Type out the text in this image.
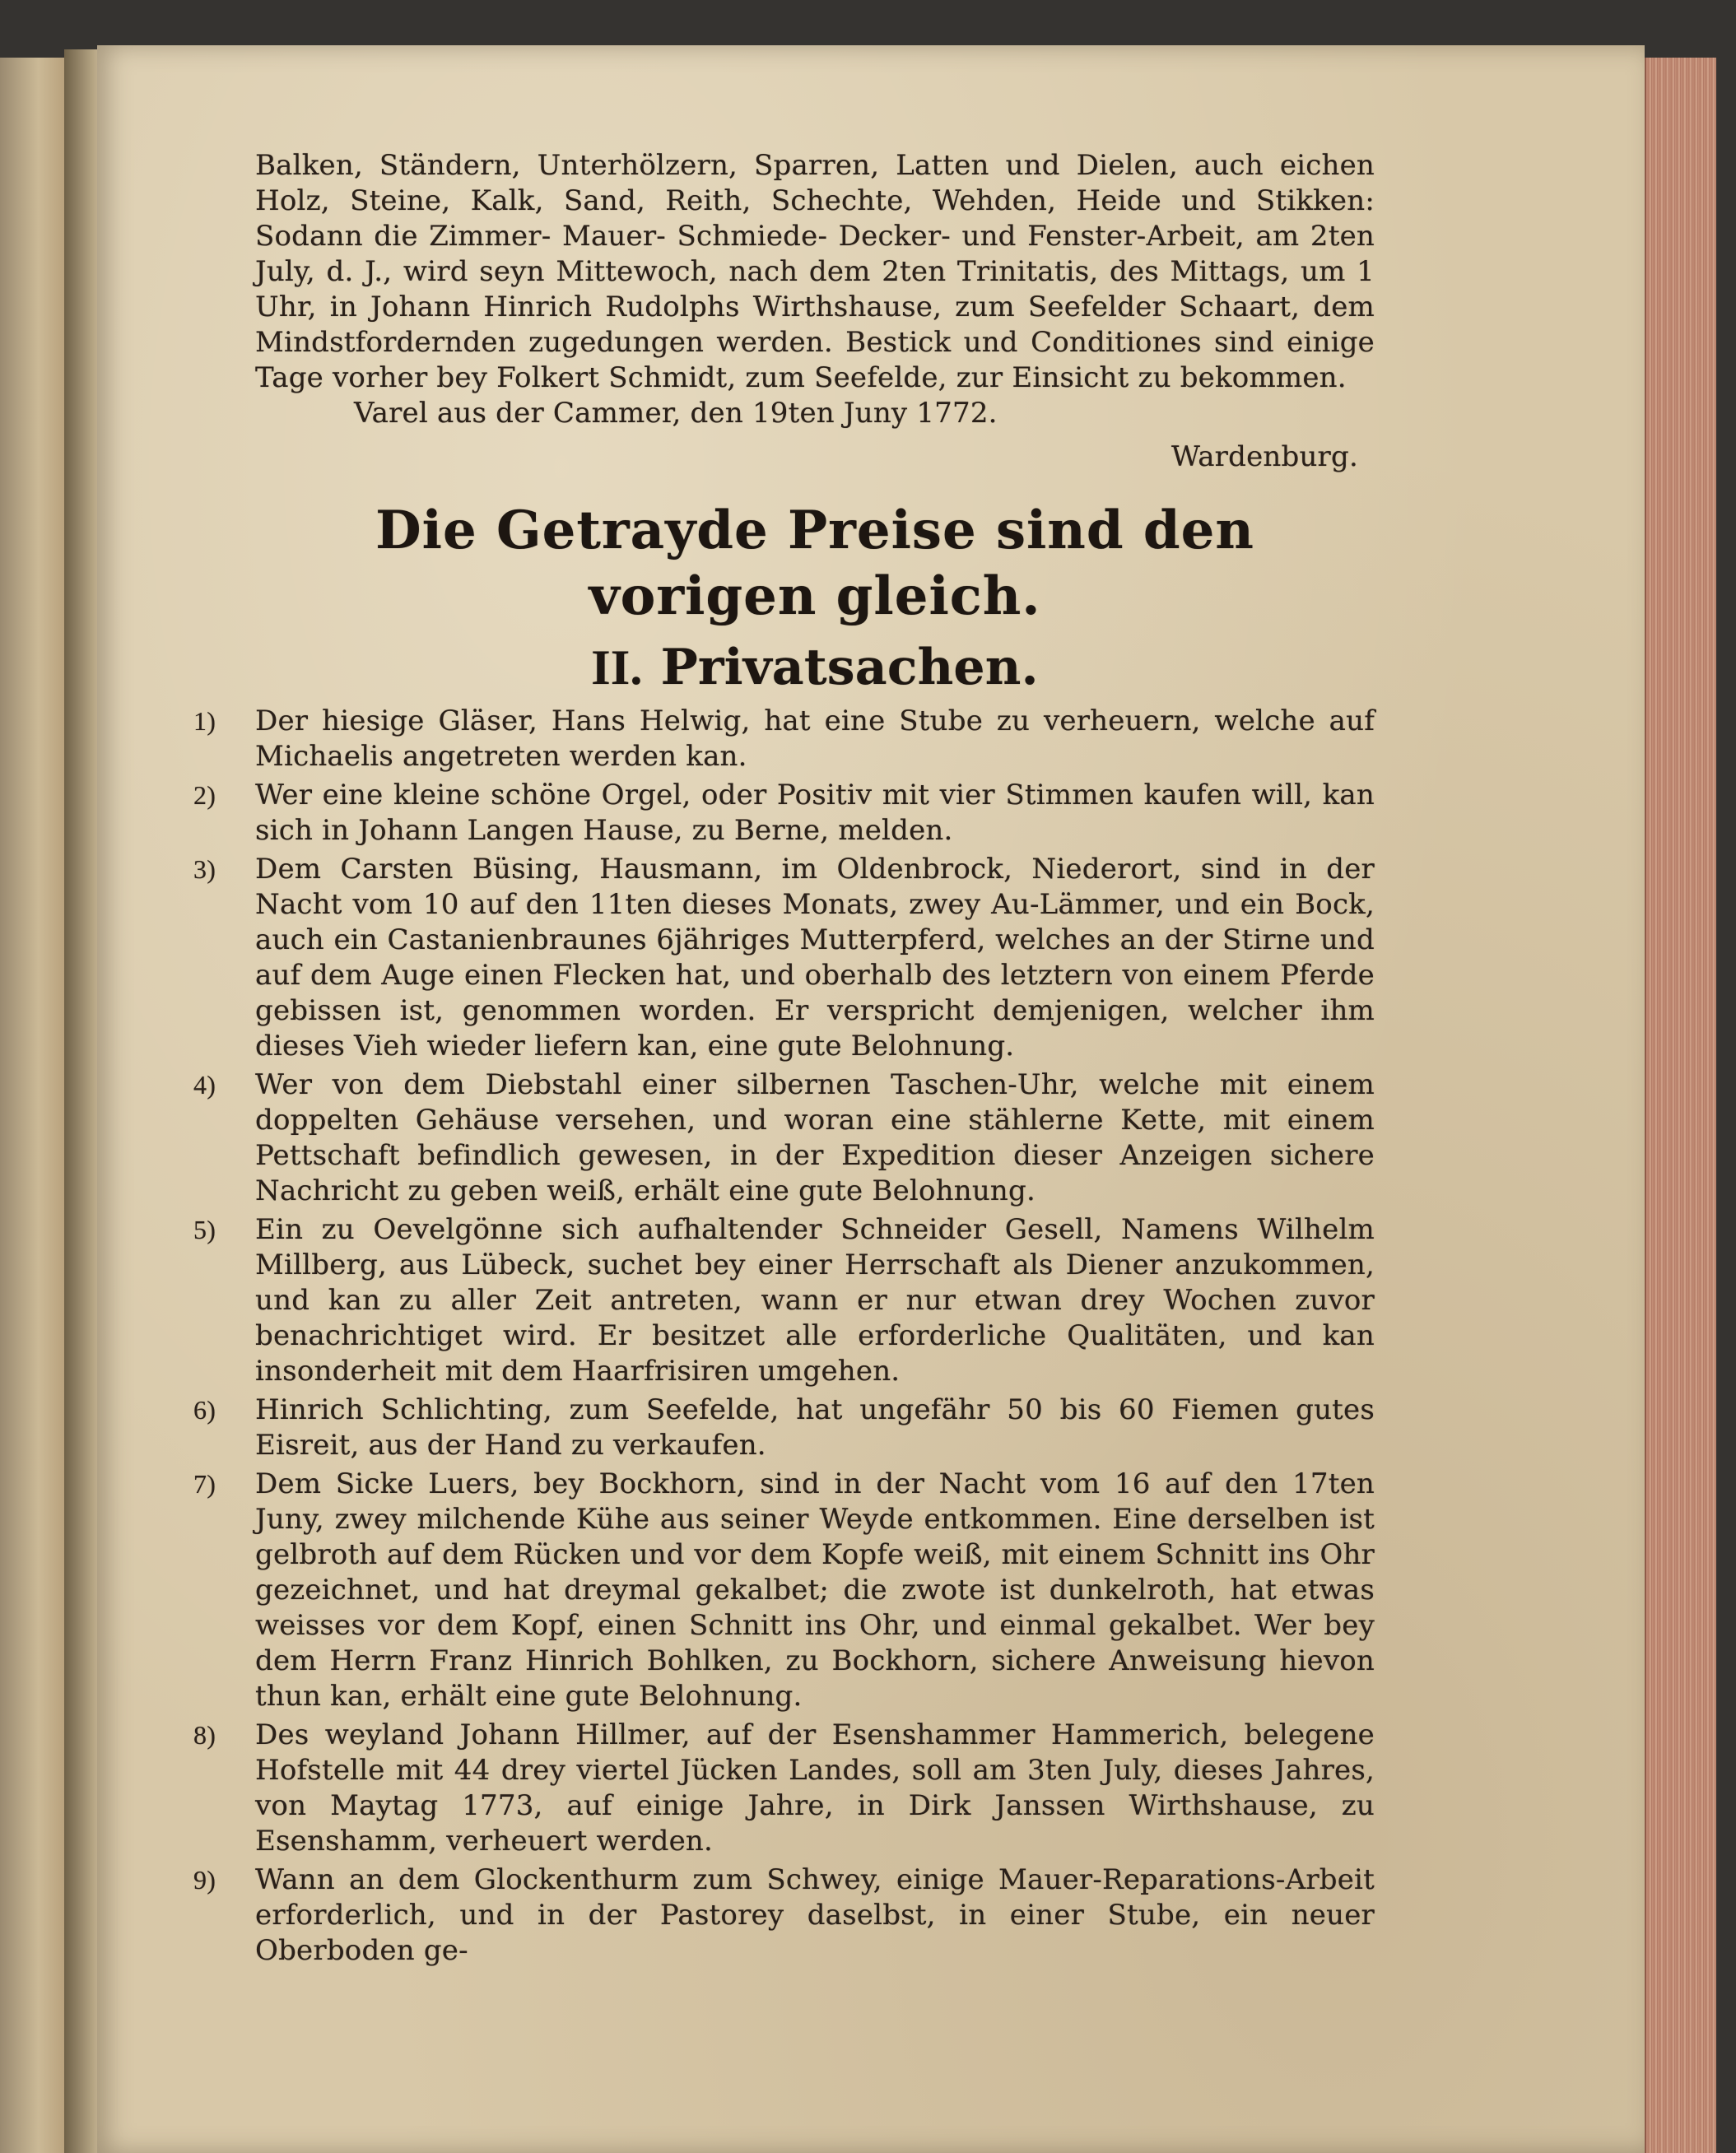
Balken, Ständern, Unterhölzern, Sparren, Latten und Dielen, auch eichen Holz, Steine, Kalk, Sand, Reith, Schechte, Wehden, Heide und Stikken: Sodann die Zimmer- Mauer- Schmiede- Decker- und Fenster-Arbeit, am 2ten July, d. J., wird seyn Mittewoch, nach dem 2ten Trinitatis, des Mittags, um 1 Uhr, in Johann Hinrich Rudolphs Wirthshause, zum Seefelder Schaart, dem Mindstfordernden zugedungen werden. Bestick und Conditiones sind einige Tage vorher bey Folkert Schmidt, zum Seefelde, zur Einsicht zu bekommen.

Varel aus der Cammer, den 19ten Juny 1772.

Wardenburg.

Die Getrayde Preise sind den vorigen gleich.
II. Privatsachen.
1)	Der hiesige Gläser, Hans Helwig, hat eine Stube zu verheuern, welche auf Michaelis angetreten werden kan.
2)	Wer eine kleine schöne Orgel, oder Positiv mit vier Stimmen kaufen will, kan sich in Johann Langen Hause, zu Berne, melden.
3)	Dem Carsten Büsing, Hausmann, im Oldenbrock, Niederort, sind in der Nacht vom 10 auf den 11ten dieses Monats, zwey Au-Lämmer, und ein Bock, auch ein Castanienbraunes 6jähriges Mutterpferd, welches an der Stirne und auf dem Auge einen Flecken hat, und oberhalb des letztern von einem Pferde gebissen ist, genommen worden. Er verspricht demjenigen, welcher ihm dieses Vieh wieder liefern kan, eine gute Belohnung.
4)	Wer von dem Diebstahl einer silbernen Taschen-Uhr, welche mit einem doppelten Gehäuse versehen, und woran eine stählerne Kette, mit einem Pettschaft befindlich gewesen, in der Expedition dieser Anzeigen sichere Nachricht zu geben weiß, erhält eine gute Belohnung.
5)	Ein zu Oevelgönne sich aufhaltender Schneider Gesell, Namens Wilhelm Millberg, aus Lübeck, suchet bey einer Herrschaft als Diener anzukommen, und kan zu aller Zeit antreten, wann er nur etwan drey Wochen zuvor benachrichtiget wird. Er besitzet alle erforderliche Qualitäten, und kan insonderheit mit dem Haarfrisiren umgehen.
6)	Hinrich Schlichting, zum Seefelde, hat ungefähr 50 bis 60 Fiemen gutes Eisreit, aus der Hand zu verkaufen.
7)	Dem Sicke Luers, bey Bockhorn, sind in der Nacht vom 16 auf den 17ten Juny, zwey milchende Kühe aus seiner Weyde entkommen. Eine derselben ist gelbroth auf dem Rücken und vor dem Kopfe weiß, mit einem Schnitt ins Ohr gezeichnet, und hat dreymal gekalbet; die zwote ist dunkelroth, hat etwas weisses vor dem Kopf, einen Schnitt ins Ohr, und einmal gekalbet. Wer bey dem Herrn Franz Hinrich Bohlken, zu Bockhorn, sichere Anweisung hievon thun kan, erhält eine gute Belohnung.
8)	Des weyland Johann Hillmer, auf der Esenshammer Hammerich, belegene Hofstelle mit 44 drey viertel Jücken Landes, soll am 3ten July, dieses Jahres, von Maytag 1773, auf einige Jahre, in Dirk Janssen Wirthshause, zu Esenshamm, verheuert werden.
9)	Wann an dem Glockenthurm zum Schwey, einige Mauer-Reparations-Arbeit erforderlich, und in der Pastorey daselbst, in einer Stube, ein neuer Oberboden ge-
